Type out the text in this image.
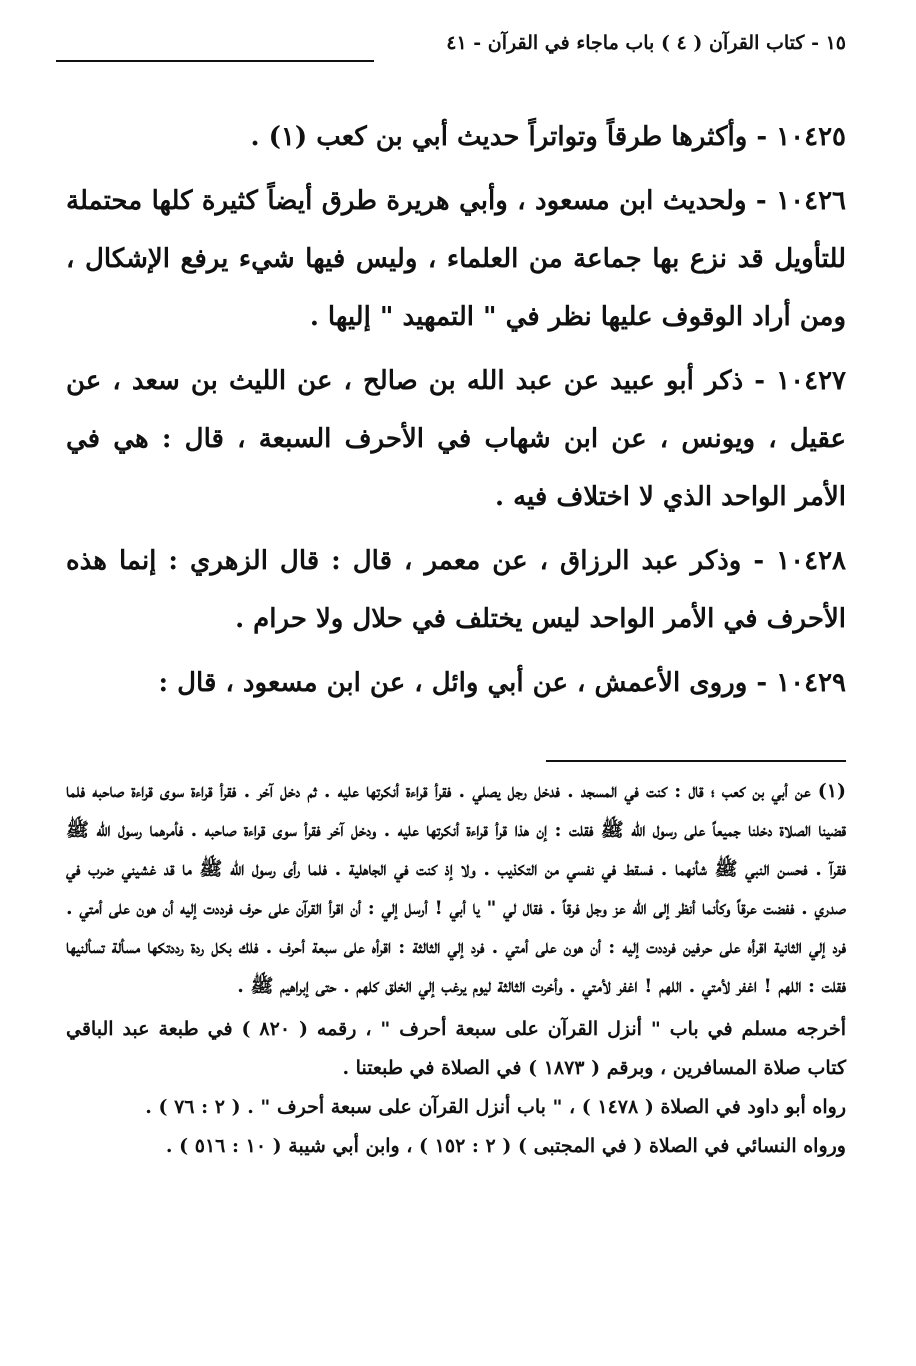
١٥ - كتاب القرآن ( ٤ ) باب ماجاء في القرآن - ٤١

١٠٤٢٥ - وأكثرها طرقاً وتواتراً حديث أبي بن كعب (١) .

١٠٤٢٦ - ولحديث ابن مسعود ، وأبي هريرة طرق أيضاً كثيرة كلها محتملة للتأويل قد نزع بها جماعة من العلماء ، وليس فيها شيء يرفع الإشكال ، ومن أراد الوقوف عليها نظر في " التمهيد " إليها .

١٠٤٢٧ - ذكر أبو عبيد عن عبد الله بن صالح ، عن الليث بن سعد ، عن عقيل ، ويونس ، عن ابن شهاب في الأحرف السبعة ، قال : هي في الأمر الواحد الذي لا اختلاف فيه .

١٠٤٢٨ - وذكر عبد الرزاق ، عن معمر ، قال : قال الزهري : إنما هذه الأحرف في الأمر الواحد ليس يختلف في حلال ولا حرام .

١٠٤٢٩ - وروى الأعمش ، عن أبي وائل ، عن ابن مسعود ، قال :

(١) عن أبي بن كعب ؛ قال : كنت في المسجد . فدخل رجل يصلي . فقرأ قراءة أنكرتها عليه . ثم دخل آخر . فقرأ قراءة سوى قراءة صاحبه فلما قضينا الصلاة دخلنا جميعاً على رسول الله ﷺ فقلت : إن هذا قرأ قراءة أنكرتها عليه . ودخل آخر فقرأ سوى قراءة صاحبه . فأمرهما رسول الله ﷺ فقرآ . فحسن النبي ﷺ شأنهما . فسقط في نفسي من التكذيب . ولا إذ كنت في الجاهلية . فلما رأى رسول الله ﷺ ما قد غشيني ضرب في صدري . ففضت عرقاً وكأنما أنظر إلى الله عز وجل فرقاً . فقال لي " يا أبي ! أرسل إلي : أن اقرأ القرآن على حرف فرددت إليه أن هون على أمتي . فرد إلي الثانية اقرأه على حرفين فرددت إليه : أن هون على أمتي . فرد إلي الثالثة : اقرأه على سبعة أحرف . فلك بكل ردة رددتكها مسألة تسألنيها فقلت : اللهم ! اغفر لأمتي . اللهم ! اغفر لأمتي . وأخرت الثالثة ليوم يرغب إلي الخلق كلهم . حتى إبراهيم ﷺ .

أخرجه مسلم في باب " أنزل القرآن على سبعة أحرف " ، رقمه ( ٨٢٠ ) في طبعة عبد الباقي كتاب صلاة المسافرين ، وبرقم ( ١٨٧٣ ) في الصلاة في طبعتنا .

رواه أبو داود في الصلاة ( ١٤٧٨ ) ، " باب أنزل القرآن على سبعة أحرف " . ( ٢ : ٧٦ ) .

ورواه النسائي في الصلاة ( في المجتبى ) ( ٢ : ١٥٢ ) ، وابن أبي شيبة ( ١٠ : ٥١٦ ) .
